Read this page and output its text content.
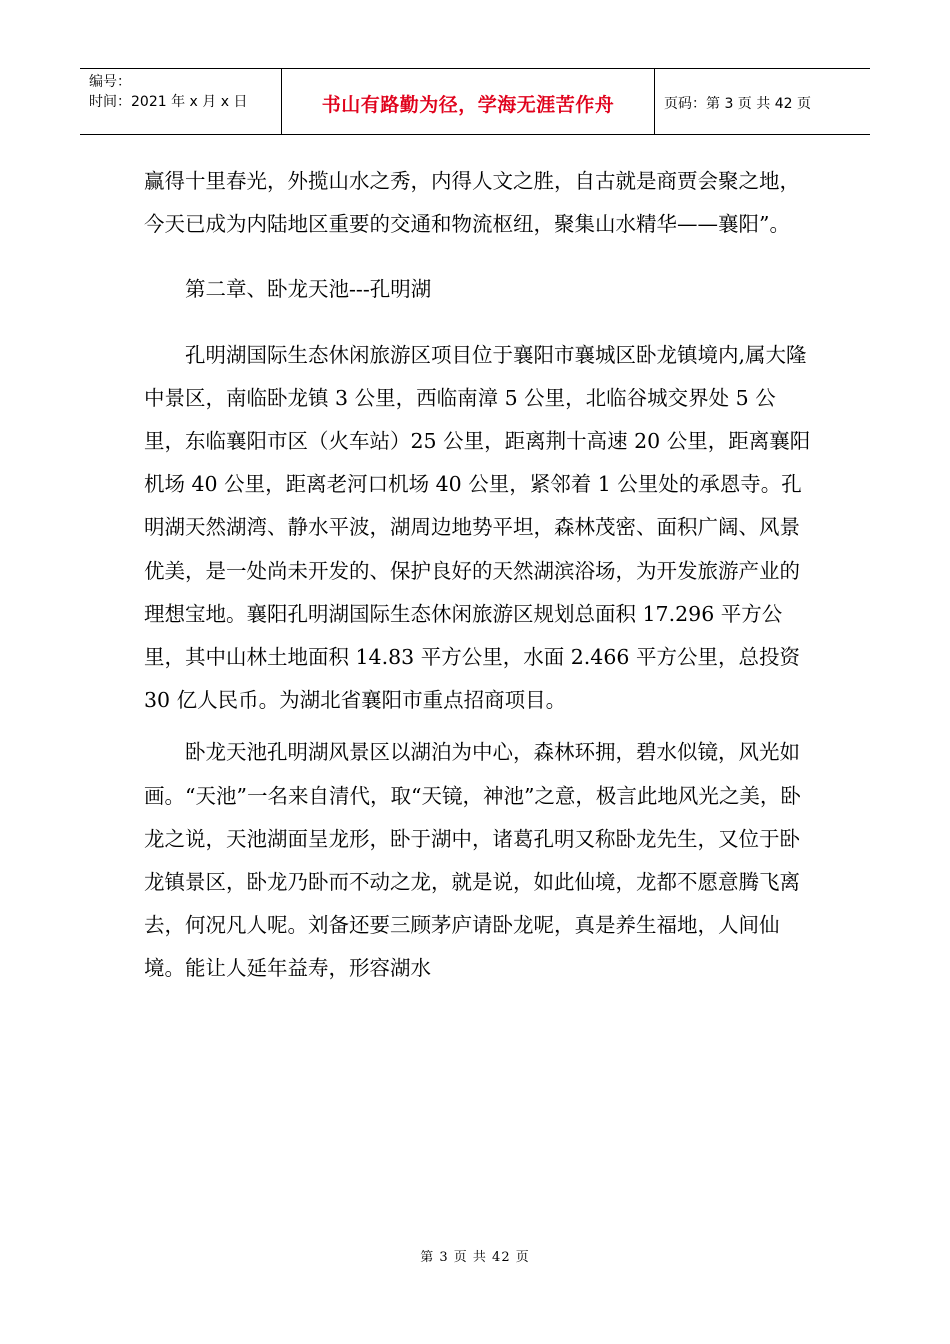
编号：
时间：2021 年 x 月 x 日	书山有路勤为径，学海无涯苦作舟	页码：第 3 页 共 42 页

赢得十里春光，外揽山水之秀，内得人文之胜，自古就是商贾会聚之地，今天已成为内陆地区重要的交通和物流枢纽，聚集山水精华——襄阳”。

第二章、卧龙天池---孔明湖

孔明湖国际生态休闲旅游区项目位于襄阳市襄城区卧龙镇境内,属大隆中景区，南临卧龙镇 3 公里，西临南漳 5 公里，北临谷城交界处 5 公里，东临襄阳市区（火车站）25 公里，距离荆十高速 20 公里，距离襄阳机场 40 公里，距离老河口机场 40 公里，紧邻着 1 公里处的承恩寺。孔明湖天然湖湾、静水平波，湖周边地势平坦，森林茂密、面积广阔、风景优美，是一处尚未开发的、保护良好的天然湖滨浴场，为开发旅游产业的理想宝地。襄阳孔明湖国际生态休闲旅游区规划总面积 17.296 平方公里，其中山林土地面积 14.83 平方公里，水面 2.466 平方公里，总投资 30 亿人民币。为湖北省襄阳市重点招商项目。

卧龙天池孔明湖风景区以湖泊为中心，森林环拥，碧水似镜，风光如画。“天池”一名来自清代，取“天镜，神池”之意，极言此地风光之美，卧龙之说，天池湖面呈龙形，卧于湖中，诸葛孔明又称卧龙先生，又位于卧龙镇景区，卧龙乃卧而不动之龙，就是说，如此仙境，龙都不愿意腾飞离去，何况凡人呢。刘备还要三顾茅庐请卧龙呢，真是养生福地，人间仙境。能让人延年益寿，形容湖水

第 3 页 共 42 页
